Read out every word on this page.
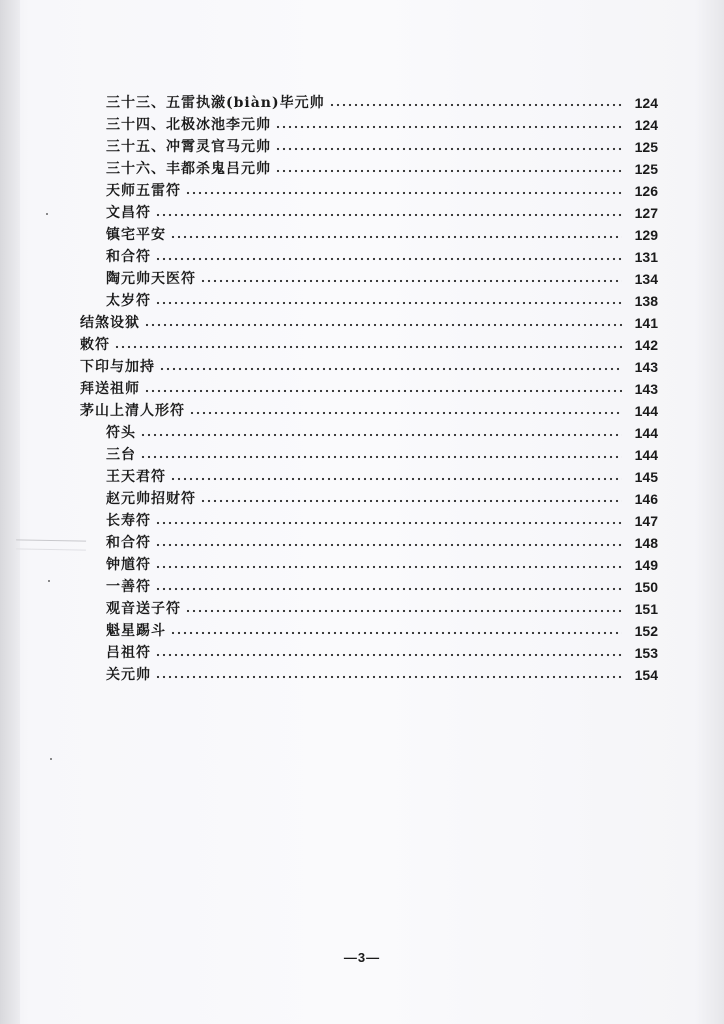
三十三、五雷执潊(biàn)毕元帅	124
三十四、北极冰池李元帅	124
三十五、冲霄灵官马元帅	125
三十六、丰都杀鬼吕元帅	125
天师五雷符	126
文昌符	127
镇宅平安	129
和合符	131
陶元帅天医符	134
太岁符	138
结煞设狱	141
敕符	142
下印与加持	143
拜送祖师	143
茅山上清人形符	144
符头	144
三台	144
王天君符	145
赵元帅招财符	146
长寿符	147
和合符	148
钟馗符	149
一善符	150
观音送子符	151
魁星踢斗	152
吕祖符	153
关元帅	154
—3—
